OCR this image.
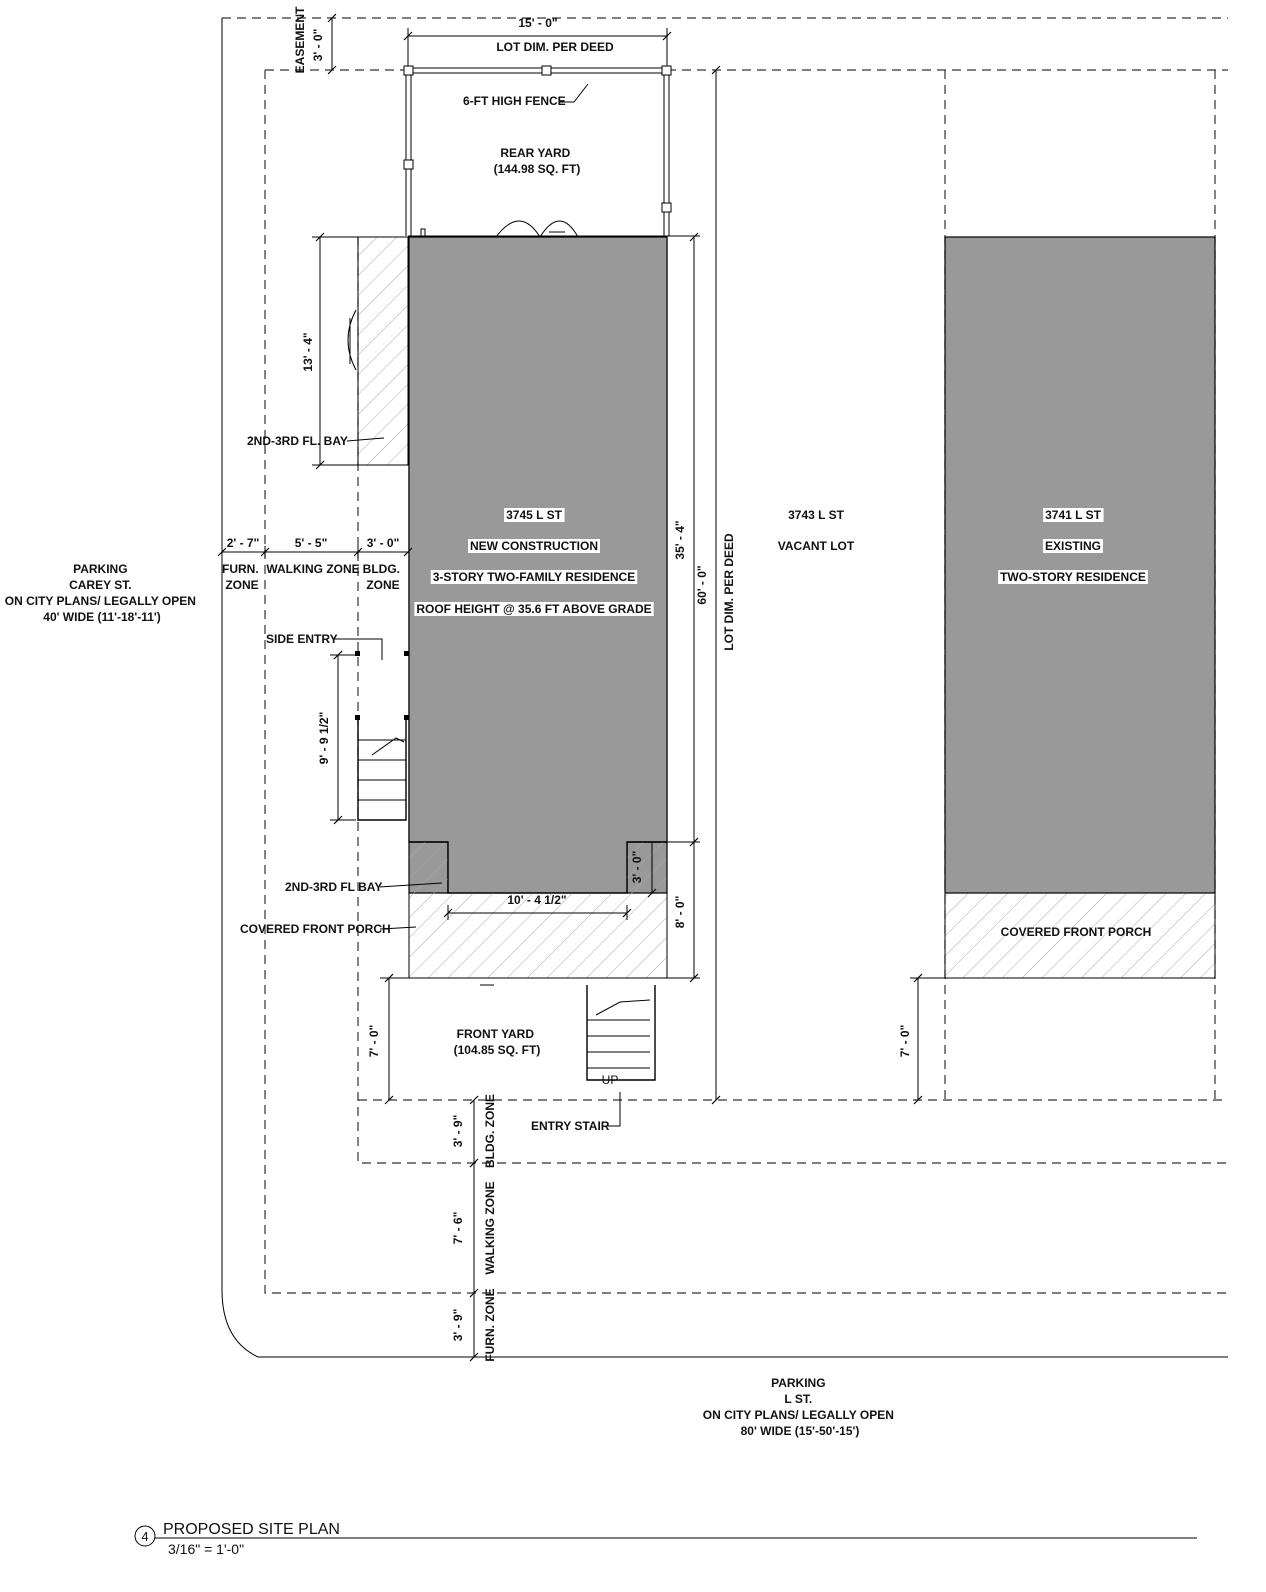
PARKING CAREY ST. ON CITY PLANS/ LEGALLY OPEN 40' WIDE (11'-18'-11')
PARKING L ST. ON CITY PLANS/ LEGALLY OPEN 80' WIDE (15'-50'-15')
3745 L ST
NEW CONSTRUCTION
3-STORY TWO-FAMILY RESIDENCE
ROOF HEIGHT @ 35.6 FT ABOVE GRADE
3743 L ST
VACANT LOT
3741 L ST
EXISTING
TWO-STORY RESIDENCE
EASEMENT	LOT DIM. PER DEED
6-FT HIGH FENCE
REAR YARD (144.98 SQ. FT)
FRONT YARD (104.85 SQ. FT)
2ND-3RD FL. BAY
2ND-3RD FL BAY
COVERED FRONT PORCH	COVERED FRONT PORCH
SIDE ENTRY
ENTRY STAIR
UP
FURN. ZONE
WALKING ZONE BLDG. ZONE
BLDG. ZONE
WALKING ZONE
FURN. ZONE
LOT DIM. PER DEED
15' - 0"
3' - 0"
13' - 4"
2' - 7"	5' - 5"	3' - 0"
9' - 9 1/2"
35' - 4"
60' - 0"
3' - 0"
10' - 4 1/2"	8' - 0"
7' - 0"	7' - 0"
3' - 9"
7' - 6"
3' - 9"
4 PROPOSED SITE PLAN
3/16" = 1'-0"
